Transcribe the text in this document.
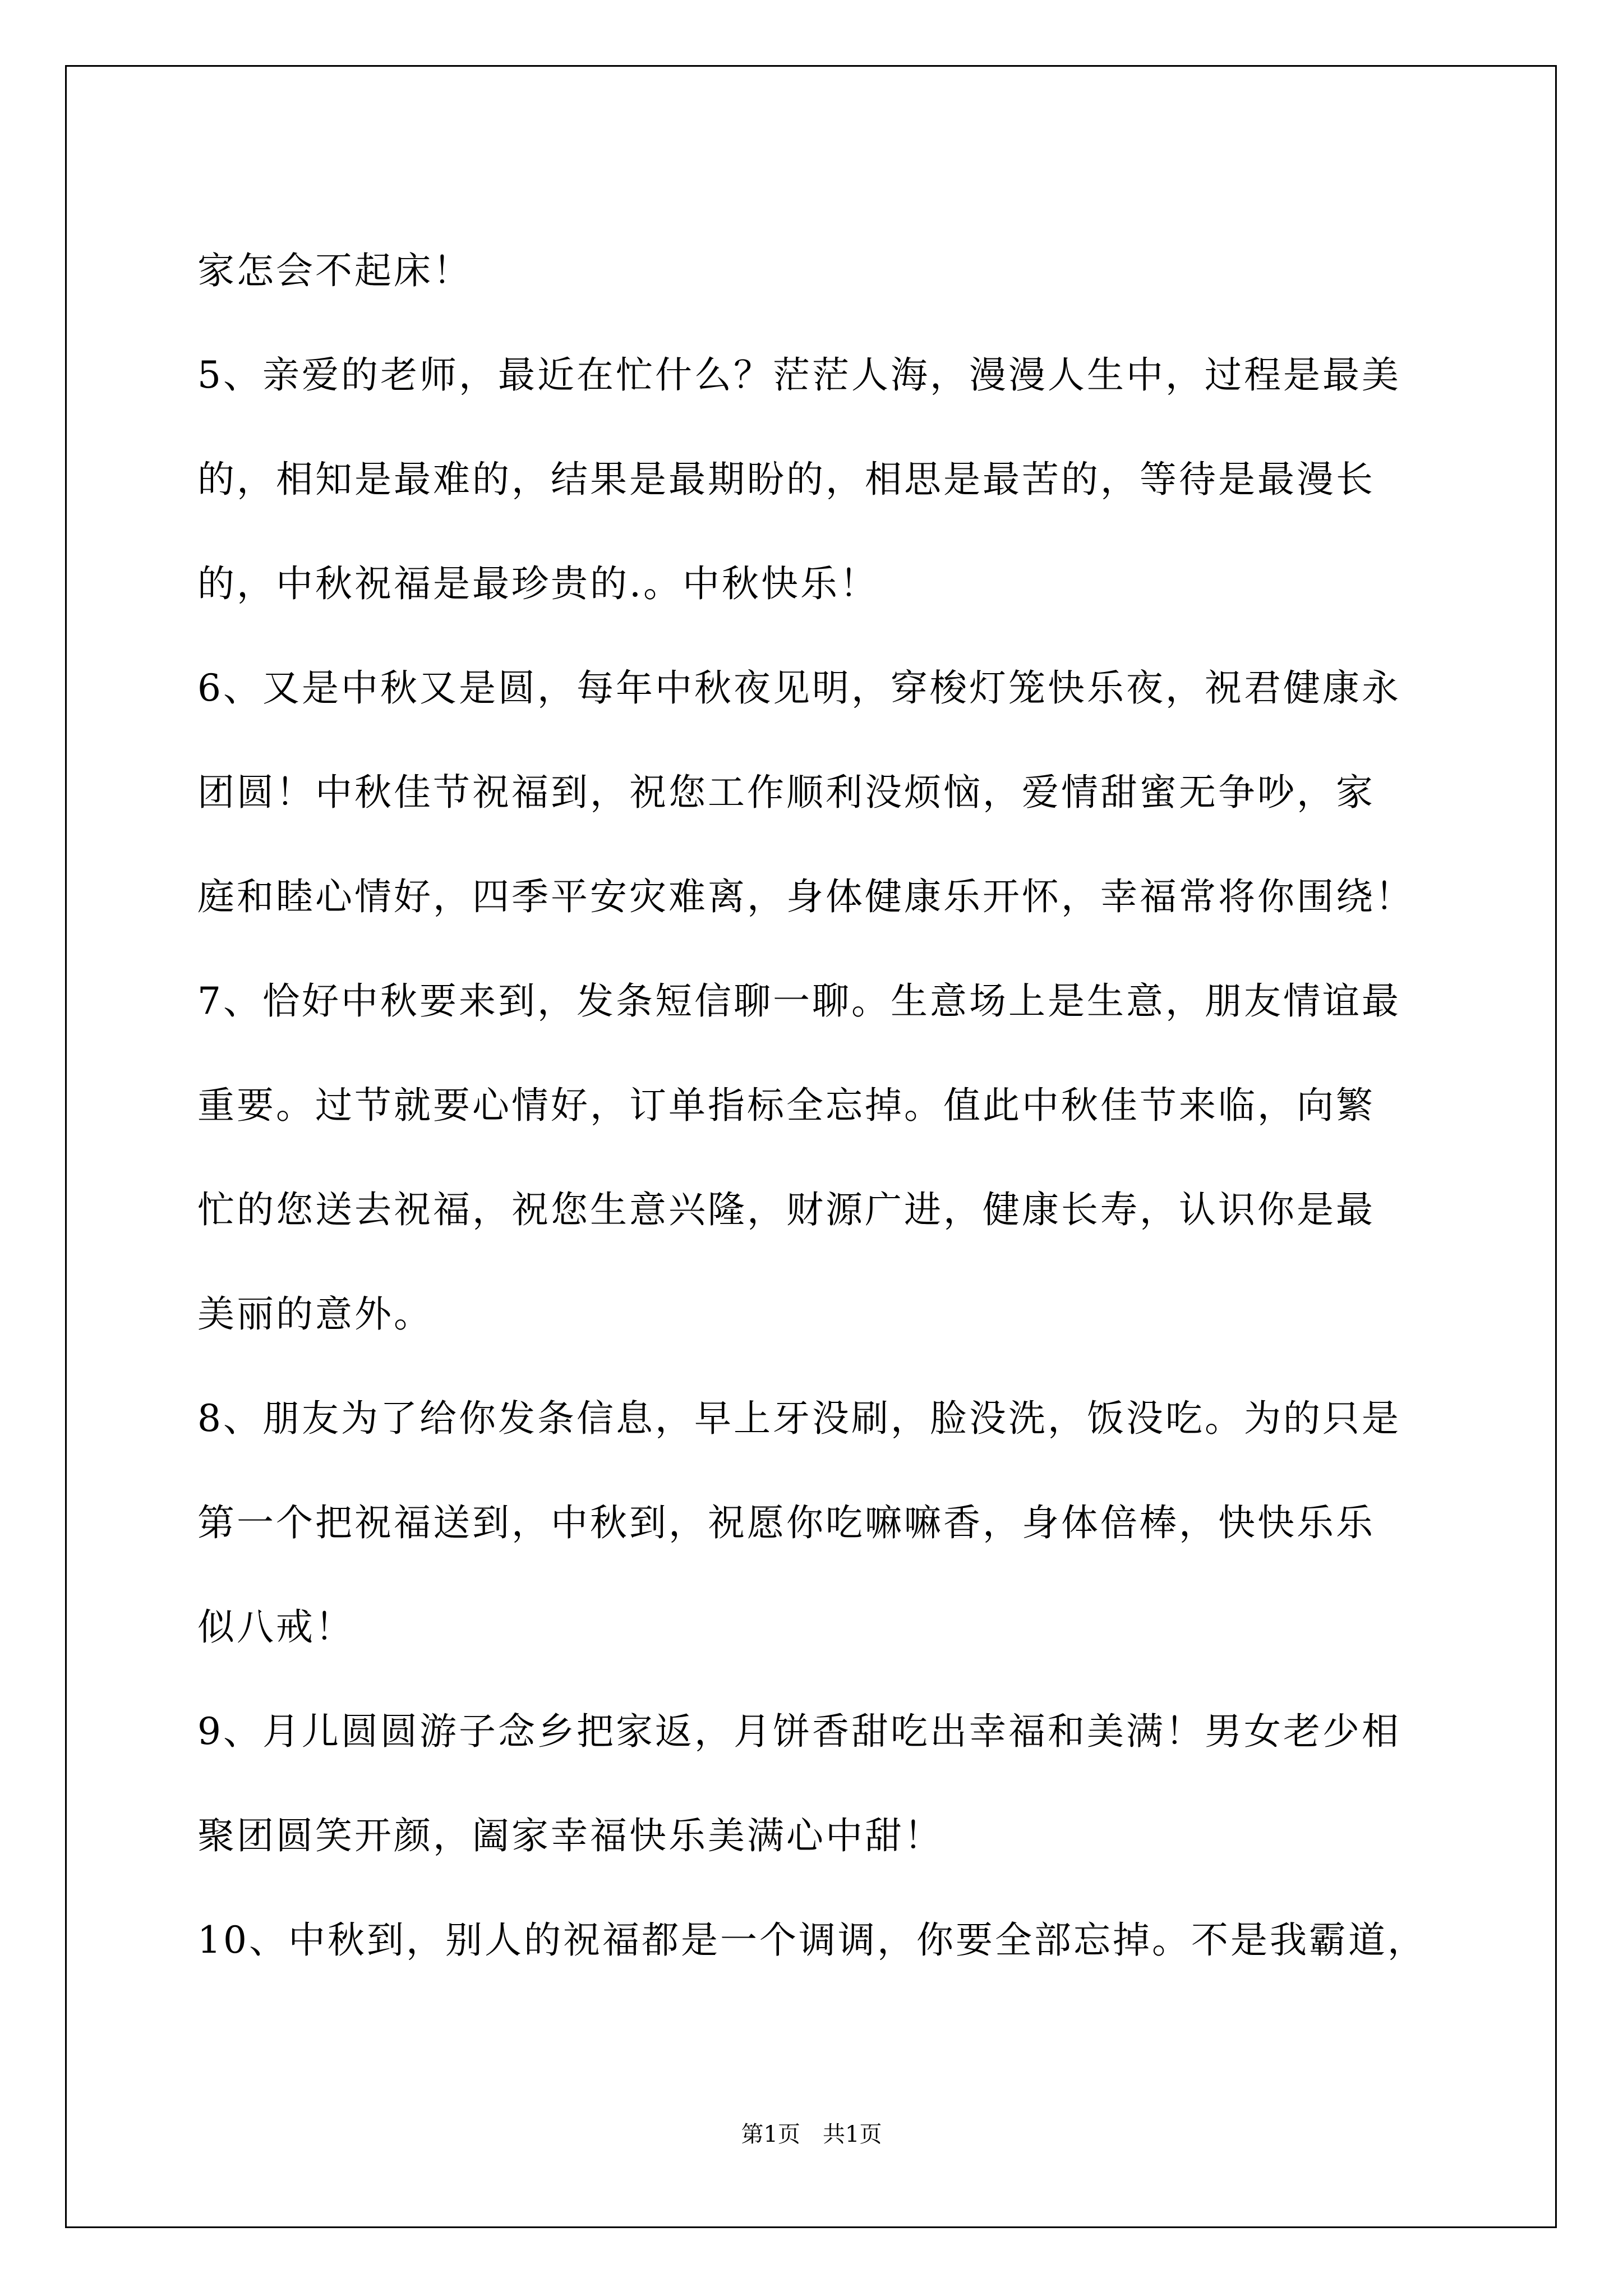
家怎会不起床！
5、亲爱的老师，最近在忙什么？茫茫人海，漫漫人生中，过程是最美
的，相知是最难的，结果是最期盼的，相思是最苦的，等待是最漫长
的，中秋祝福是最珍贵的.。中秋快乐！
6、又是中秋又是圆，每年中秋夜见明，穿梭灯笼快乐夜，祝君健康永
团圆！中秋佳节祝福到，祝您工作顺利没烦恼，爱情甜蜜无争吵，家
庭和睦心情好，四季平安灾难离，身体健康乐开怀，幸福常将你围绕！
7、恰好中秋要来到，发条短信聊一聊。生意场上是生意，朋友情谊最
重要。过节就要心情好，订单指标全忘掉。值此中秋佳节来临，向繁
忙的您送去祝福，祝您生意兴隆，财源广进，健康长寿，认识你是最
美丽的意外。
8、朋友为了给你发条信息，早上牙没刷，脸没洗，饭没吃。为的只是
第一个把祝福送到，中秋到，祝愿你吃嘛嘛香，身体倍棒，快快乐乐
似八戒！
9、月儿圆圆游子念乡把家返，月饼香甜吃出幸福和美满！男女老少相
聚团圆笑开颜，阖家幸福快乐美满心中甜！
10、中秋到，别人的祝福都是一个调调，你要全部忘掉。不是我霸道，
第1页　共1页
